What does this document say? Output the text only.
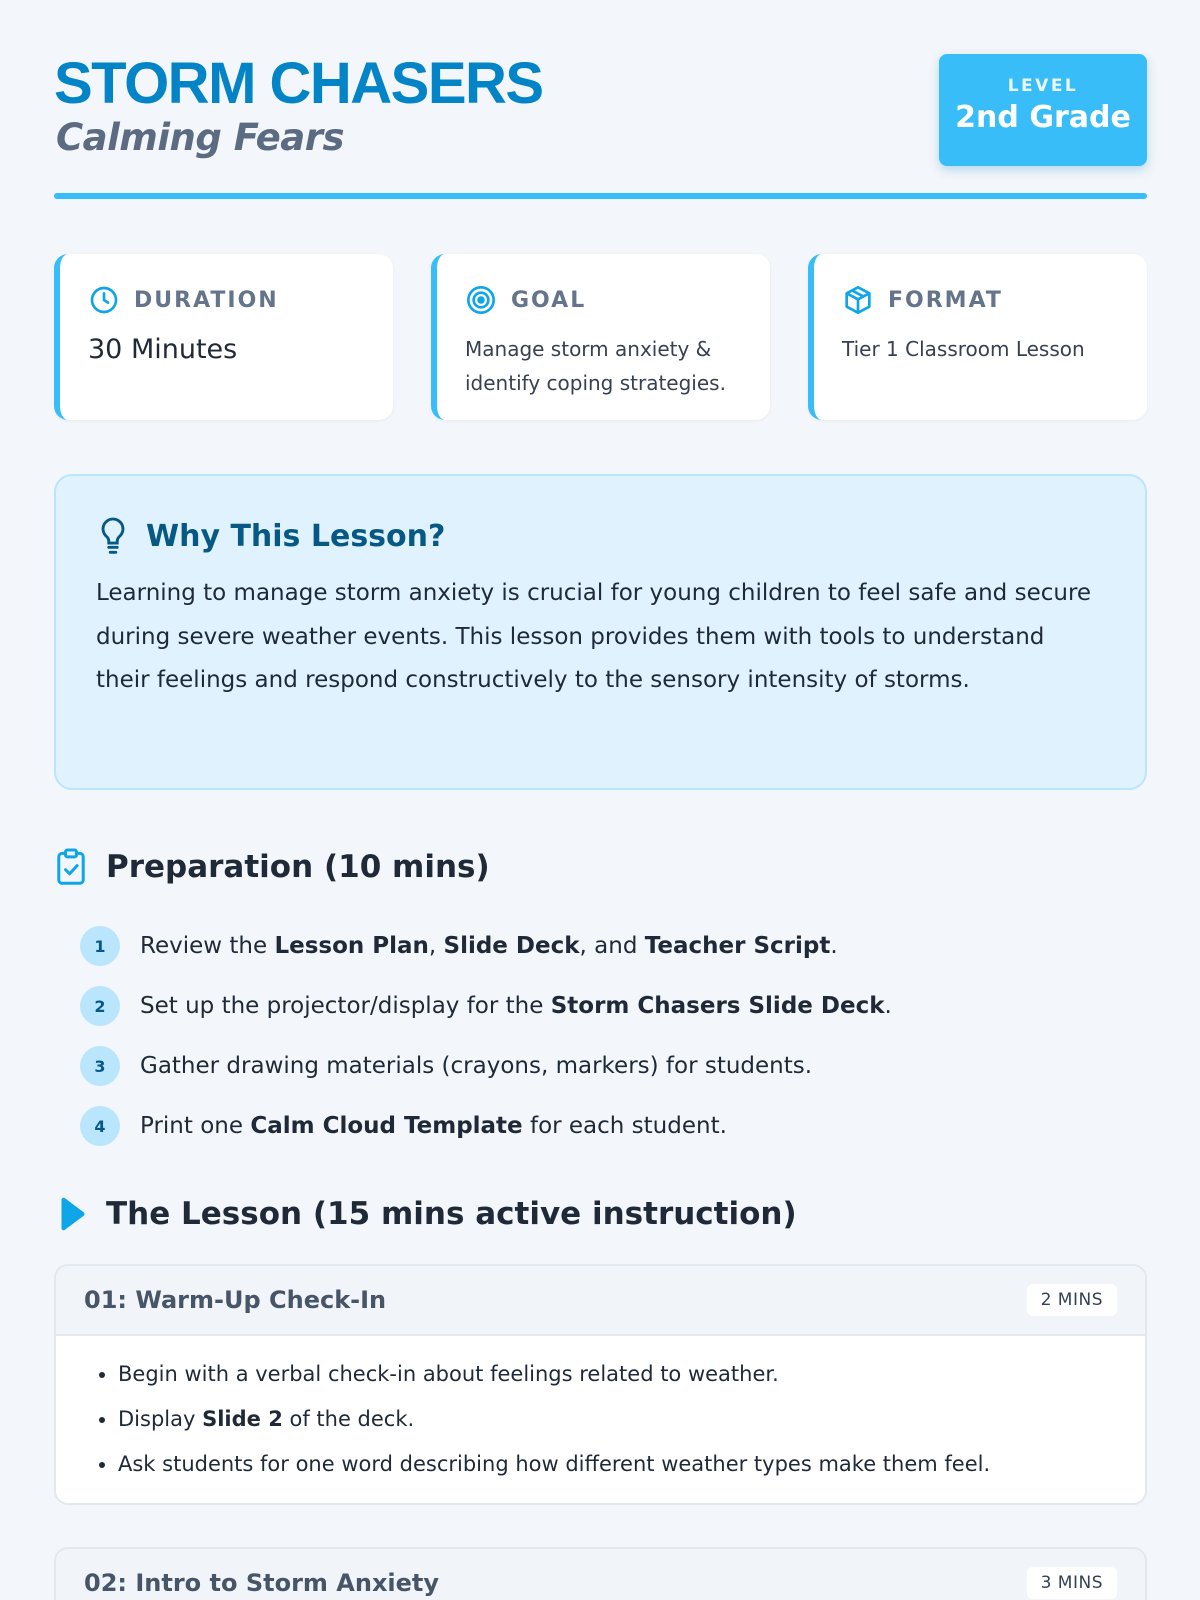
STORM CHASERS
Calming Fears
LEVEL
2nd Grade
DURATION
30 Minutes
GOAL
Manage storm anxiety & identify coping strategies.
FORMAT
Tier 1 Classroom Lesson
Why This Lesson?
Learning to manage storm anxiety is crucial for young children to feel safe and secure during severe weather events. This lesson provides them with tools to understand their feelings and respond constructively to the sensory intensity of storms.
Preparation (10 mins)
1	Review the Lesson Plan, Slide Deck, and Teacher Script.
2	Set up the projector/display for the Storm Chasers Slide Deck.
3	Gather drawing materials (crayons, markers) for students.
4	Print one Calm Cloud Template for each student.
The Lesson (15 mins active instruction)
01: Warm-Up Check-In	2 MINS
• Begin with a verbal check-in about feelings related to weather.
• Display Slide 2 of the deck.
• Ask students for one word describing how different weather types make them feel.
02: Intro to Storm Anxiety	3 MINS
